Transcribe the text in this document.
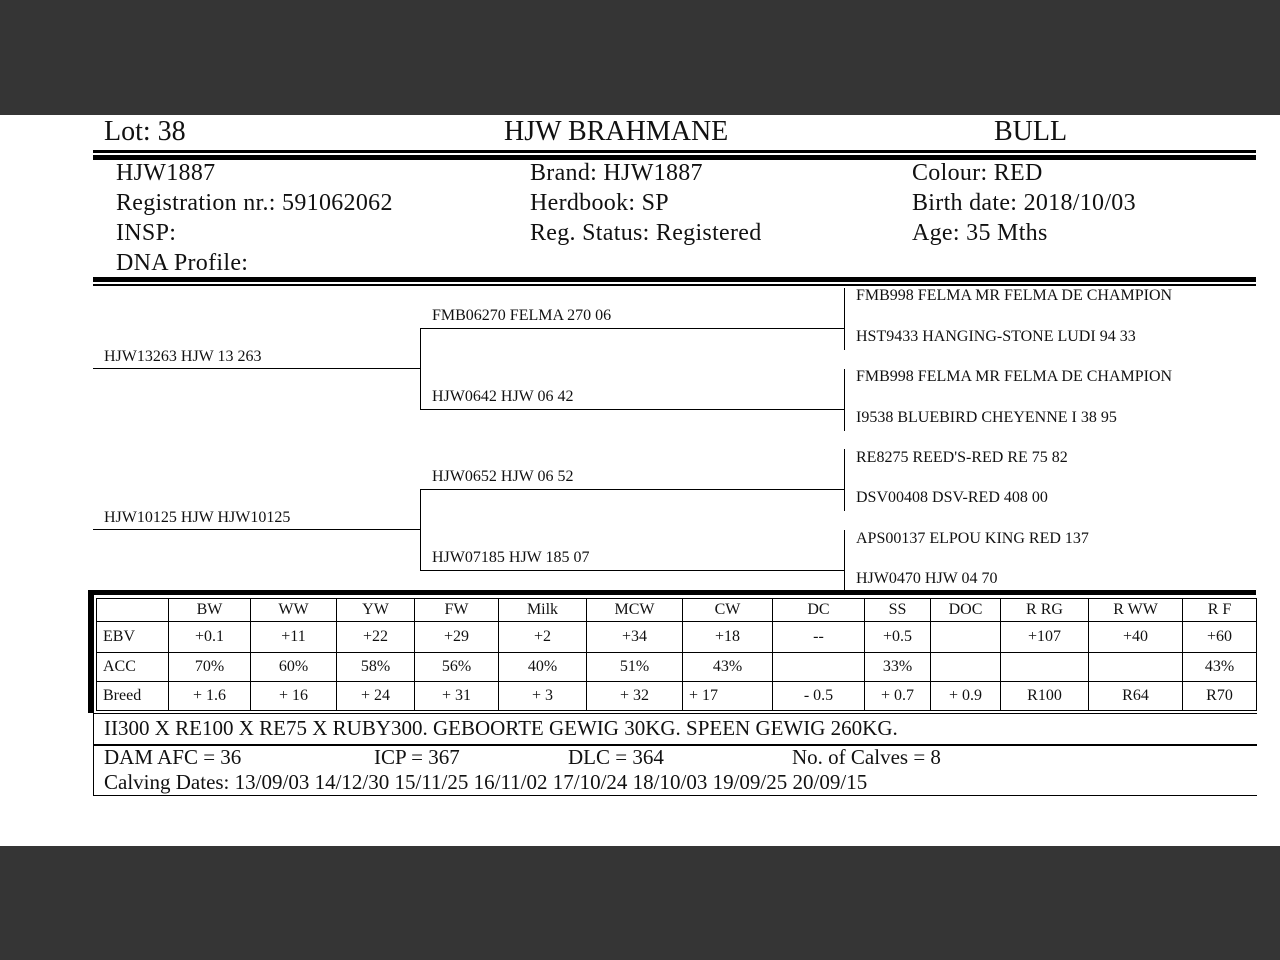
Lot: 38	HJW BRAHMANE	BULL
HJW1887
Registration nr.: 591062062
INSP:
DNA Profile:
Brand: HJW1887
Herdbook: SP
Reg. Status: Registered
Colour: RED
Birth date: 2018/10/03
Age: 35 Mths
HJW13263 HJW 13 263
HJW10125 HJW HJW10125
FMB06270 FELMA 270 06
HJW0642 HJW 06 42
HJW0652 HJW 06 52
HJW07185 HJW 185 07
FMB998 FELMA MR FELMA DE CHAMPION
HST9433 HANGING-STONE LUDI 94 33
FMB998 FELMA MR FELMA DE CHAMPION
I9538 BLUEBIRD CHEYENNE I 38 95
RE8275 REED'S-RED RE 75 82
DSV00408 DSV-RED 408 00
APS00137 ELPOU KING RED 137
HJW0470 HJW 04 70
	BW	WW	YW	FW	Milk	MCW	CW	DC	SS	DOC	R RG	R WW	R F
EBV	+0.1	+11	+22	+29	+2	+34	+18	--	+0.5		+107	+40	+60
ACC	70%	60%	58%	56%	40%	51%	43%		33%				43%
Breed	+ 1.6	+ 16	+ 24	+ 31	+ 3	+ 32	+ 17	- 0.5	+ 0.7	+ 0.9	R100	R64	R70
II300 X RE100 X RE75 X RUBY300. GEBOORTE GEWIG 30KG. SPEEN GEWIG 260KG.
DAM AFC = 36	ICP = 367	DLC = 364	No. of Calves = 8
Calving Dates: 13/09/03 14/12/30 15/11/25 16/11/02 17/10/24 18/10/03 19/09/25 20/09/15
